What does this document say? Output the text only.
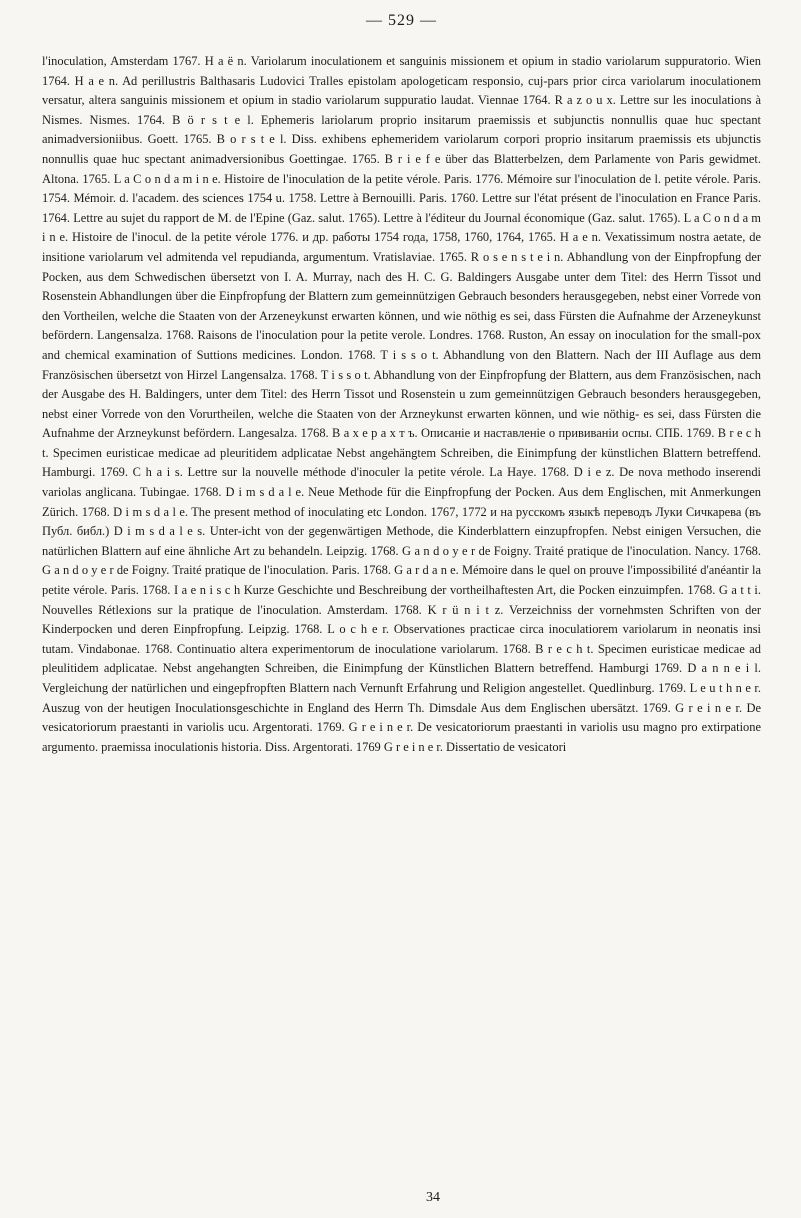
— 529 —
l'inoculation, Amsterdam 1767. H a ë n. Variolarum inoculationem et sanguinis missionem et opium in stadio variolarum suppuratorio. Wien 1764. H a e n. Ad perillustris Balthasaris Ludovici Tralles epistolam apologeticam responsio, cuj-pars prior circa variolarum inoculationem versatur, altera sanguinis missionem et opium in stadio variolarum suppuratio laudat. Viennae 1764. R a z o u x. Lettre sur les inoculations à Nismes. Nismes. 1764. B ö r s t e l. Ephemeris lariolarum proprio insitarum praemissis et subjunctis nonnullis quae huc spectant animadversioniibus. Goett. 1765. B o r s t e l. Diss. exhibens ephemeridem variolarum corpori proprio insitarum praemissis ets ubjunctis nonnullis quae huc spectant animadversionibus Goettingae. 1765. B r i e f e über das Blatterbelzen, dem Parlamente von Paris gewidmet. Altona. 1765. L a C o n d a m i n e. Histoire de l'inoculation de la petite vérole. Paris. 1776. Mémoire sur l'inoculation de l. petite vérole. Paris. 1754. Mémoir. d. l'academ. des sciences 1754 u. 1758. Lettre à Bernouilli. Paris. 1760. Lettre sur l'état présent de l'inoculation en France Paris. 1764. Lettre au sujet du rapport de M. de l'Epine (Gaz. salut. 1765). Lettre à l'éditeur du Journal économique (Gaz. salut. 1765). L a C o n d a m i n e. Histoire de l'inocul. de la petite vérole 1776. и др. работы 1754 года, 1758, 1760, 1764, 1765. H a e n. Vexatissimum nostra aetate, de insitione variolarum vel admitenda vel repudianda, argumentum. Vratislaviae. 1765. R o s e n s t e i n. Abhandlung von der Einpfropfung der Pocken, aus dem Schwedischen übersetzt von I. A. Murray, nach des H. C. G. Baldingers Ausgabe unter dem Titel: des Herrn Tissot und Rosenstein Abhandlungen über die Einpfropfung der Blattern zum gemeinnützigen Gebrauch besonders herausgegeben, nebst einer Vorrede von den Vortheilen, welche die Staaten von der Arzeneykunst erwarten können, und wie nöthig es sei, dass Fürsten die Aufnahme der Arzeneykunst befördern. Langensalza. 1768. Raisons de l'inoculation pour la petite verole. Londres. 1768. Ruston, An essay on inoculation for the small-pox and chemical examination of Suttions medicines. London. 1768. T i s s o t. Abhandlung von den Blattern. Nach der III Auflage aus dem Französischen übersetzt von Hirzel Langensalza. 1768. T i s s o t. Abhandlung von der Einpfropfung der Blattern, aus dem Französischen, nach der Ausgabe des H. Baldingers, unter dem Titel: des Herrn Tissot und Rosenstein u zum gemeinnützigen Gebrauch besonders herausgegeben, nebst einer Vorrede von den Vorurtheilen, welche die Staaten von der Arzneykunst erwarten können, und wie nöthig- es sei, dass Fürsten die Aufnahme der Arzneykunst befördern. Langesalza. 1768. В а х е р а х т ъ. Описаніе и наставленіе о прививаніи оспы. СПБ. 1769. B r e c h t. Specimen euristicae medicae ad pleuritidem adplicatae Nebst angehängtem Schreiben, die Einimpfung der künstlichen Blattern betreffend. Hamburgi. 1769. C h a i s. Lettre sur la nouvelle méthode d'inoculer la petite vérole. La Haye. 1768. D i e z. De nova methodo inserendi variolas anglicana. Tubingae. 1768. D i m s d a l e. Neue Methode für die Einpfropfung der Pocken. Aus dem Englischen, mit Anmerkungen Zürich. 1768. D i m s d a l e. The present method of inoculating etc London. 1767, 1772 и на русскомъ языкѣ переводъ Луки Сичкарева (въ Публ. библ.) D i m s d a l e s. Unter-icht von der gegenwärtigen Methode, die Kinderblattern einzupfropfen. Nebst einigen Versuchen, die natürlichen Blattern auf eine ähnliche Art zu behandeln. Leipzig. 1768. G a n d o y e r de Foigny. Traité pratique de l'inoculation. Nancy. 1768. G a n d o y e r de Foigny. Traité pratique de l'inoculation. Paris. 1768. G a r d a n e. Mémoire dans le quel on prouve l'impossibilité d'anéantir la petite vérole. Paris. 1768. I a e n i s c h Kurze Geschichte und Beschreibung der vortheilhaftesten Art, die Pocken einzuimpfen. 1768. G a t t i. Nouvelles Rétlexions sur la pratique de l'inoculation. Amsterdam. 1768. K r ü n i t z. Verzeichniss der vornehmsten Schriften von der Kinderpocken und deren Einpfropfung. Leipzig. 1768. L o c h e r. Observationes practicae circa inoculatiorem variolarum in neonatis insi tutam. Vindabonae. 1768. Continuatio altera experimentorum de inoculatione variolarum. 1768. B r e c h t. Specimen euristicae medicae ad pleulitidem adplicatae. Nebst angehangten Schreiben, die Einimpfung der Künstlichen Blattern betreffend. Hamburgi 1769. D a n n e i l. Vergleichung der natürlichen und eingepfropften Blattern nach Vernunft Erfahrung und Religion angestellet. Quedlinburg. 1769. L e u t h n e r. Auszug von der heutigen Inoculationsgeschichte in England des Herrn Th. Dimsdale Aus dem Englischen ubersätzt. 1769. G r e i n e r. De vesicatoriorum praestanti in variolis ucu. Argentorati. 1769. G r e i n e r. De vesicatoriorum praestanti in variolis usu magno pro extirpatione argumento. praemissa inoculationis historia. Diss. Argentorati. 1769 G r e i n e r. Dissertatio de vesicatori
34
